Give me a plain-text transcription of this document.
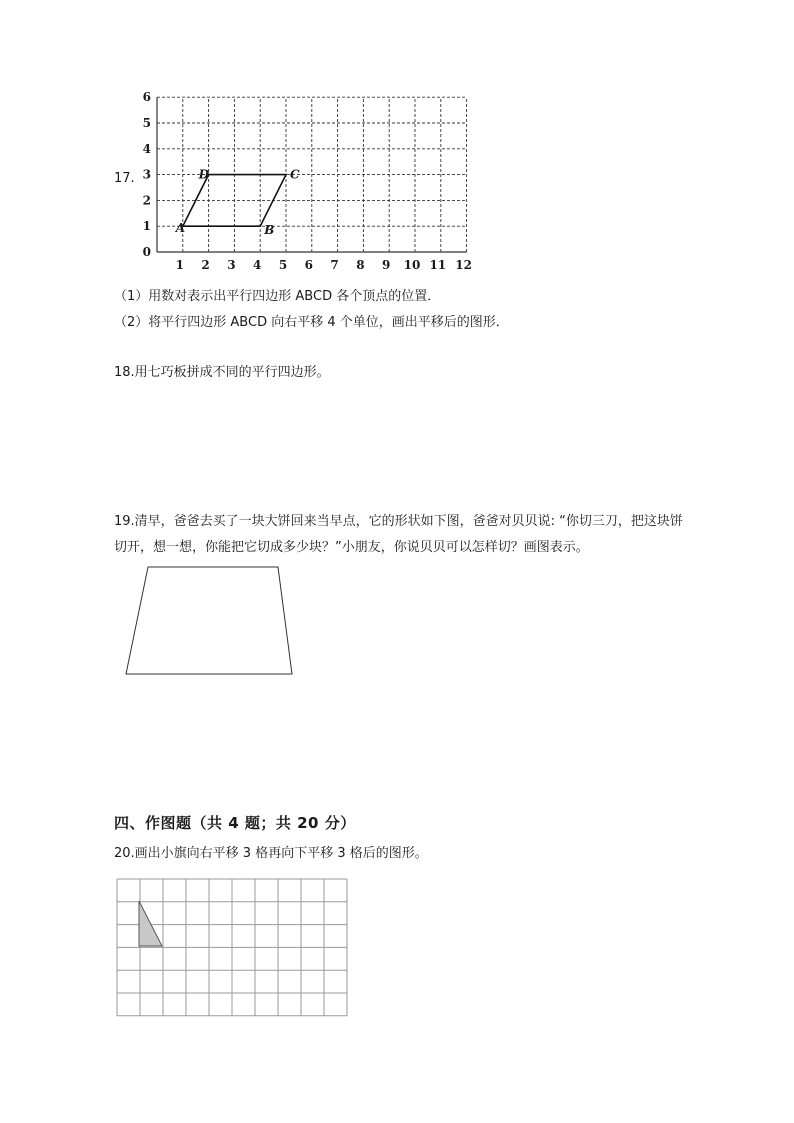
17.
1 2 3 4 5 6 7 8 9 10 11 12
0
1
2
3
4
5
6
A	B
C
D
（1）用数对表示出平行四边形 ABCD 各个顶点的位置．
（2）将平行四边形 ABCD 向右平移 4 个单位，画出平移后的图形．
18.用七巧板拼成不同的平行四边形。
19.清早，爸爸去买了一块大饼回来当早点，它的形状如下图，爸爸对贝贝说: “你切三刀，把这块饼
切开，想一想，你能把它切成多少块？”小朋友，你说贝贝可以怎样切？画图表示。
四、作图题（共 4 题；共 20 分）
20.画出小旗向右平移 3 格再向下平移 3 格后的图形。
